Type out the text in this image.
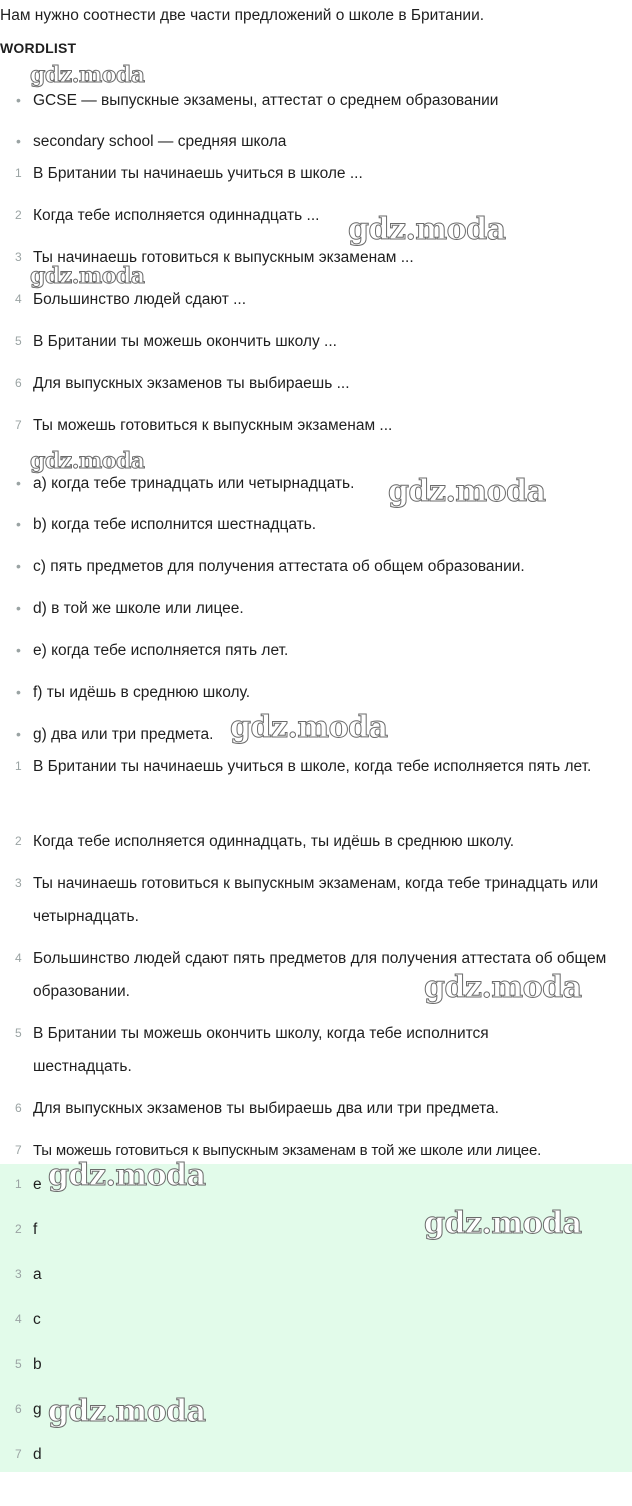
Нам нужно соотнести две части предложений о школе в Британии.
WORDLIST
• GCSE — выпускные экзамены, аттестат о среднем образовании
• secondary school — средняя школа
1 В Британии ты начинаешь учиться в школе ...
2 Когда тебе исполняется одиннадцать ...
3 Ты начинаешь готовиться к выпускным экзаменам ...
4 Большинство людей сдают ...
5 В Британии ты можешь окончить школу ...
6 Для выпускных экзаменов ты выбираешь ...
7 Ты можешь готовиться к выпускным экзаменам ...
• a) когда тебе тринадцать или четырнадцать.
• b) когда тебе исполнится шестнадцать.
• c) пять предметов для получения аттестата об общем образовании.
• d) в той же школе или лицее.
• e) когда тебе исполняется пять лет.
• f) ты идёшь в среднюю школу.
• g) два или три предмета.
1 В Британии ты начинаешь учиться в школе, когда тебе исполняется пять лет.
2 Когда тебе исполняется одиннадцать, ты идёшь в среднюю школу.
3 Ты начинаешь готовиться к выпускным экзаменам, когда тебе тринадцать или четырнадцать.
4 Большинство людей сдают пять предметов для получения аттестата об общем образовании.
5 В Британии ты можешь окончить школу, когда тебе исполнится шестнадцать.
6 Для выпускных экзаменов ты выбираешь два или три предмета.
7 Ты можешь готовиться к выпускным экзаменам в той же школе или лицее.
1 e
2 f
3 a
4 c
5 b
6 g
7 d
gdz.moda
gdz.moda
gdz.moda
gdz.moda
gdz.moda
gdz.moda
gdz.moda
gdz.moda
gdz.moda
gdz.moda
